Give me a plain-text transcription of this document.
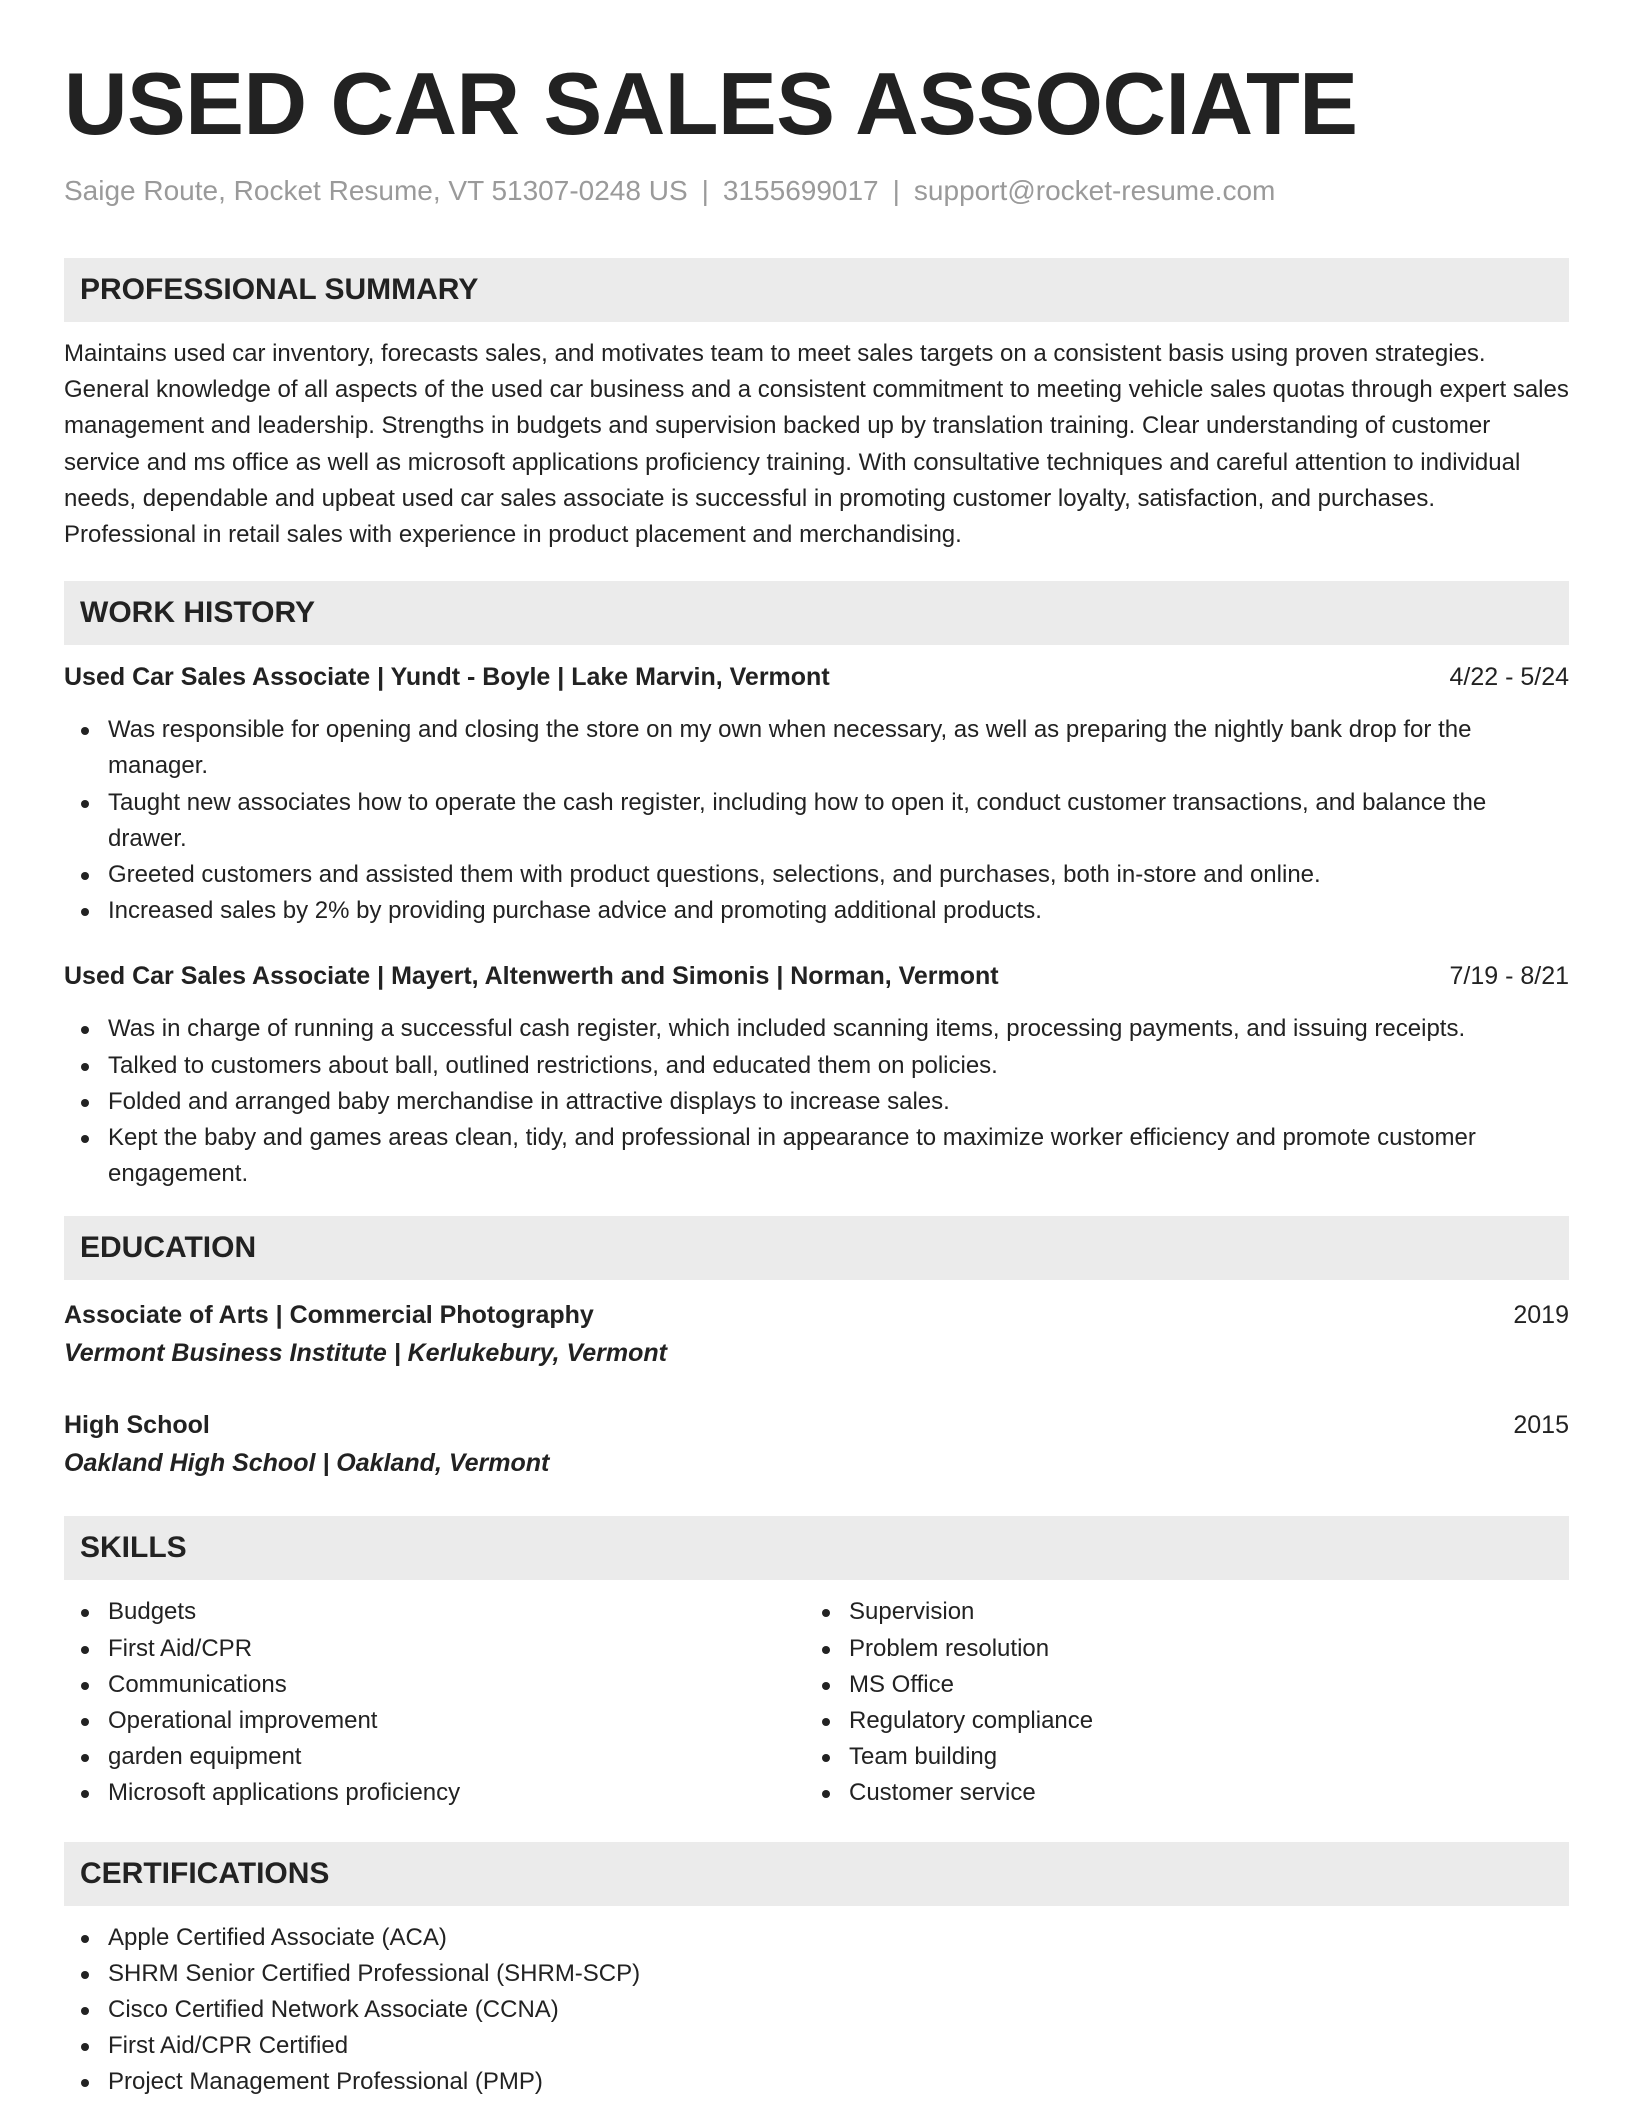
USED CAR SALES ASSOCIATE
Saige Route, Rocket Resume, VT 51307-0248 US | 3155699017 | support@rocket-resume.com
PROFESSIONAL SUMMARY

Maintains used car inventory, forecasts sales, and motivates team to meet sales targets on a consistent basis using proven strategies. General knowledge of all aspects of the used car business and a consistent commitment to meeting vehicle sales quotas through expert sales management and leadership. Strengths in budgets and supervision backed up by translation training. Clear understanding of customer service and ms office as well as microsoft applications proficiency training. With consultative techniques and careful attention to individual needs, dependable and upbeat used car sales associate is successful in promoting customer loyalty, satisfaction, and purchases. Professional in retail sales with experience in product placement and merchandising.

WORK HISTORY
Used Car Sales Associate | Yundt - Boyle | Lake Marvin, Vermont	4/22 - 5/24
Was responsible for opening and closing the store on my own when necessary, as well as preparing the nightly bank drop for the manager.
Taught new associates how to operate the cash register, including how to open it, conduct customer transactions, and balance the drawer.
Greeted customers and assisted them with product questions, selections, and purchases, both in-store and online.
Increased sales by 2% by providing purchase advice and promoting additional products.
Used Car Sales Associate | Mayert, Altenwerth and Simonis | Norman, Vermont	7/19 - 8/21
Was in charge of running a successful cash register, which included scanning items, processing payments, and issuing receipts.
Talked to customers about ball, outlined restrictions, and educated them on policies.
Folded and arranged baby merchandise in attractive displays to increase sales.
Kept the baby and games areas clean, tidy, and professional in appearance to maximize worker efficiency and promote customer engagement.
EDUCATION
Associate of Arts | Commercial Photography	2019
Vermont Business Institute | Kerlukebury, Vermont
High School	2015
Oakland High School | Oakland, Vermont
SKILLS
Budgets
First Aid/CPR
Communications
Operational improvement
garden equipment
Microsoft applications proficiency
Supervision
Problem resolution
MS Office
Regulatory compliance
Team building
Customer service
CERTIFICATIONS
Apple Certified Associate (ACA)
SHRM Senior Certified Professional (SHRM-SCP)
Cisco Certified Network Associate (CCNA)
First Aid/CPR Certified
Project Management Professional (PMP)
